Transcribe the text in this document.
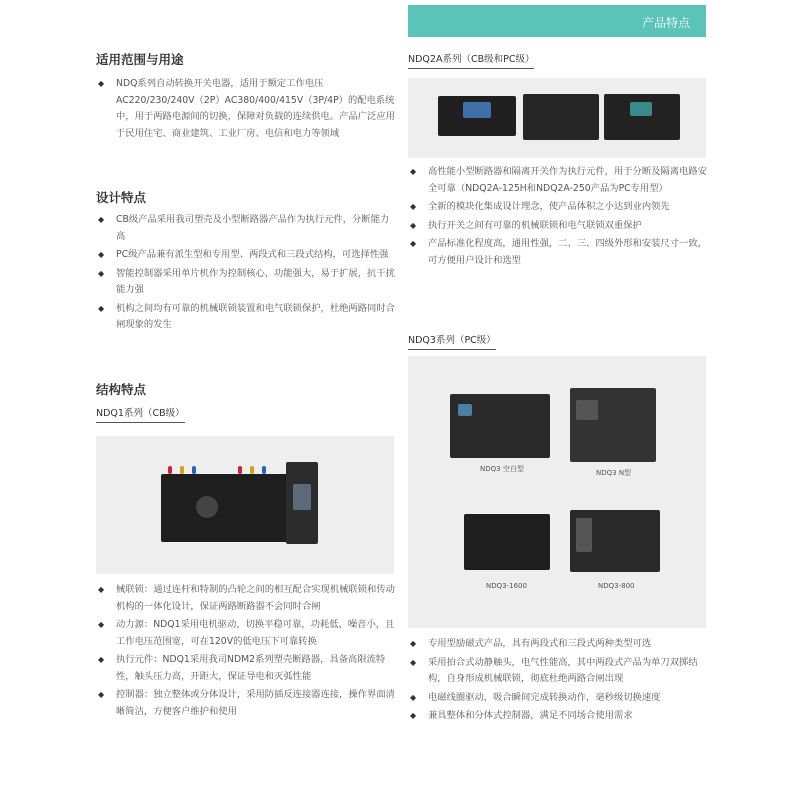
适用范围与用途
◆ NDQ系列自动转换开关电器，适用于额定工作电压AC220/230/240V（2P）AC380/400/415V（3P/4P）的配电系统中，用于两路电源间的切换，保障对负载的连续供电。产品广泛应用于民用住宅、商业建筑、工业厂房、电信和电力等领域
设计特点
◆ CB级产品采用我司塑壳及小型断路器产品作为执行元件，分断能力高
◆ PC级产品兼有派生型和专用型、两段式和三段式结构，可选择性强
◆ 智能控制器采用单片机作为控制核心，功能强大，易于扩展，抗干扰能力强
◆ 机构之间均有可靠的机械联锁装置和电气联锁保护，杜绝两路同时合闸现象的发生
结构特点
NDQ1系列（CB级）
◆ 械联锁：通过连杆和特制的凸轮之间的相互配合实现机械联锁和传动机构的一体化设计，保证两路断路器不会同时合闸
◆ 动力源：NDQ1采用电机驱动，切换平稳可靠，功耗低，噪音小，且工作电压范围宽，可在120V的低电压下可靠转换
◆ 执行元件：NDQ1采用我司NDM2系列塑壳断路器，具备高限流特性，触头压力高，开距大，保证导电和灭弧性能
◆ 控制器：独立整体或分体设计，采用防插反连接器连接，操作界面清晰简洁，方便客户维护和使用
产品特点
NDQ2A系列（CB级和PC级）
◆ 高性能小型断路器和隔离开关作为执行元件，用于分断及隔离电路安全可靠（NDQ2A-125H和NDQ2A-250产品为PC专用型）
◆ 全新的模块化集成设计理念，使产品体积之小达到业内领先
◆ 执行开关之间有可靠的机械联锁和电气联锁双重保护
◆ 产品标准化程度高，通用性强，二、三、四级外形和安装尺寸一致，可方便用户设计和选型
NDQ3系列（PC级）
NDQ3 空白型	NDQ3 N型
NDQ3-1600	NDQ3-800
◆ 专用型励磁式产品，具有两段式和三段式两种类型可选
◆ 采用拍合式动静触头，电气性能高，其中两段式产品为单刀双掷结构，自身形成机械联锁，彻底杜绝两路合闸出现
◆ 电磁线圈驱动，吸合瞬间完成转换动作，毫秒级切换速度
◆ 兼具整体和分体式控制器，满足不同场合使用需求
